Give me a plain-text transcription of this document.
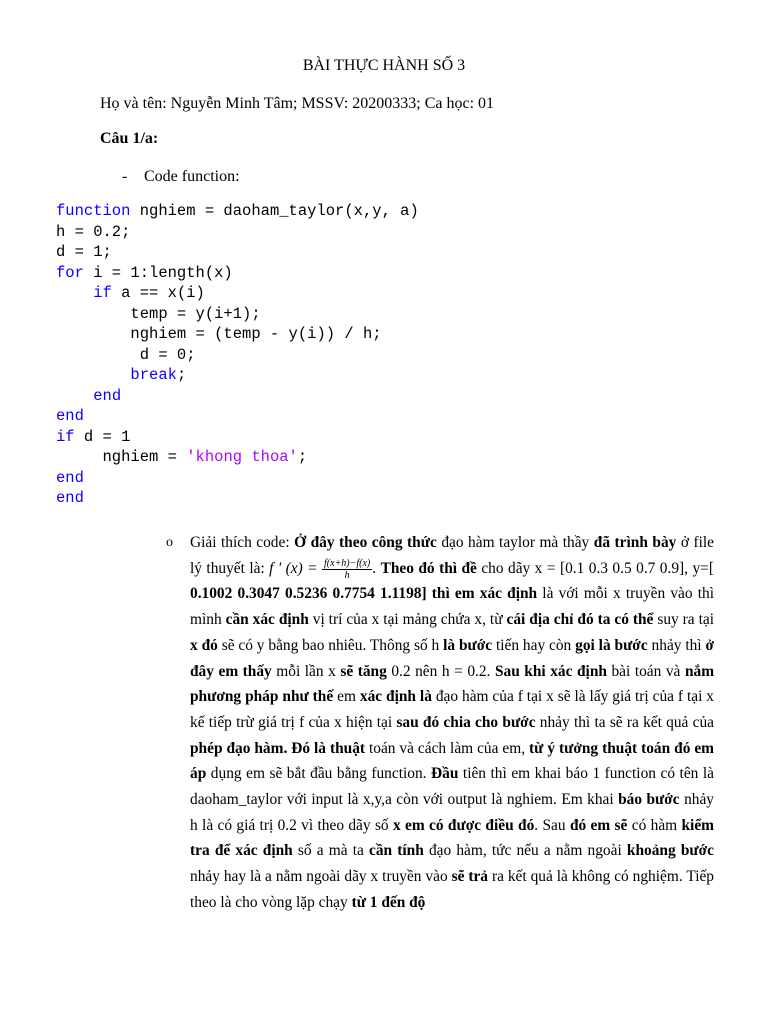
BÀI THỰC HÀNH SỐ 3
Họ và tên: Nguyễn Minh Tâm; MSSV: 20200333; Ca học: 01
Câu 1/a:
- Code function:
function nghiem = daoham_taylor(x,y, a)
h = 0.2;
d = 1;
for i = 1:length(x)
if a == x(i)
temp = y(i+1);
nghiem = (temp - y(i)) / h;
d = 0;
break;
end
end
if d = 1
nghiem = 'khong thoa';
end
end
o Giải thích code: Ở đây theo công thức đạo hàm taylor mà thầy đã trình bày ở file lý thuyết là: f ' $(x) = \frac{f(x+h)-f(x)}{h}$ . Theo đó thì đề cho dãy x = [0.1 0.3 0.5 0.7 0.9], y=[ 0.1002 0.3047 0.5236 0.7754 1.1198] thì em xác định là với mỗi x truyền vào thì mình cần xác định vị trí của x tại mảng chứa x, từ cái địa chỉ đó ta có thể suy ra tại x đó sẽ có y bằng bao nhiêu. Thông số h là bước tiến hay còn gọi là bước nhảy thì ở đây em thấy mỗi lần x sẽ tăng 0.2 nên h = 0.2. Sau khi xác định bài toán và nắm phương pháp như thế em xác định là đạo hàm của f tại x sẽ là lấy giá trị của f tại x kế tiếp trừ giá trị f của x hiện tại sau đó chia cho bước nhảy thì ta sẽ ra kết quả của phép đạo hàm. Đó là thuật toán và cách làm của em, từ ý tưởng thuật toán đó em áp dụng em sẽ bắt đầu bằng function. Đầu tiên thì em khai báo 1 function có tên là daoham_taylor với input là x,y,a còn với output là nghiem. Em khai báo bước nhảy h là có giá trị 0.2 vì theo dãy số x em có được điều đó. Sau đó em sẽ có hàm kiểm tra để xác định số a mà ta cần tính đạo hàm, tức nếu a nằm ngoài khoảng bước nhảy hay là a nằm ngoài dãy x truyền vào sẽ trả ra kết quả là không có nghiệm. Tiếp theo là cho vòng lặp chạy từ 1 đến độ
